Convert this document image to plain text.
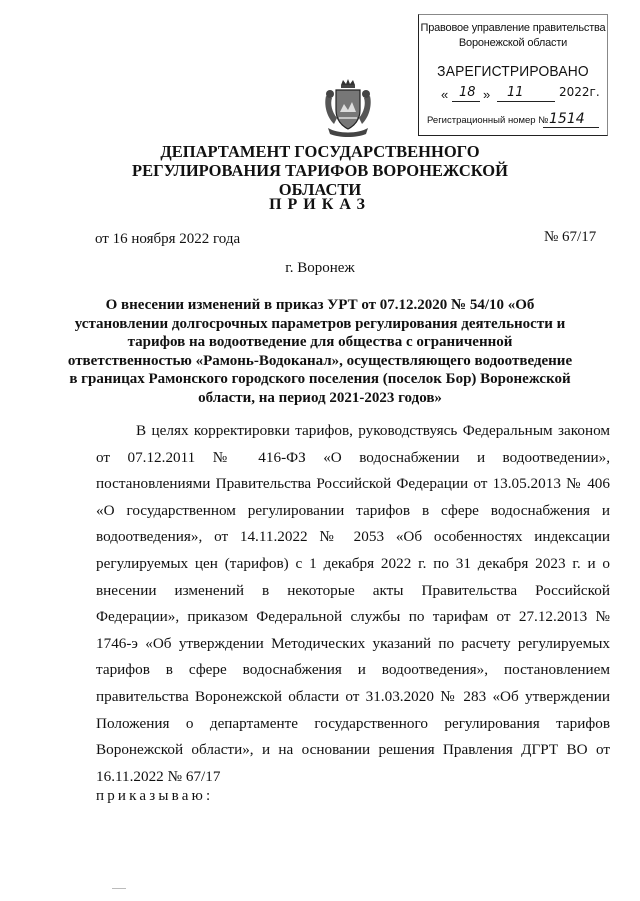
Правовое управление правительства
Воронежской области
ЗАРЕГИСТРИРОВАНО
« 18 » 11	2022г.
Регистрационный номер № 1514
ДЕПАРТАМЕНТ ГОСУДАРСТВЕННОГО РЕГУЛИРОВАНИЯ ТАРИФОВ ВОРОНЕЖСКОЙ ОБЛАСТИ
ПРИКАЗ
от 16 ноября 2022 года	№ 67/17
г. Воронеж
О внесении изменений в приказ УРТ от 07.12.2020 № 54/10 «Об установлении долгосрочных параметров регулирования деятельности и тарифов на водоотведение для общества с ограниченной ответственностью «Рамонь-Водоканал», осуществляющего водоотведение в границах Рамонского городского поселения (поселок Бор) Воронежской области, на период 2021-2023 годов»
В целях корректировки тарифов, руководствуясь Федеральным законом от 07.12.2011 № 416-ФЗ «О водоснабжении и водоотведении», постановлениями Правительства Российской Федерации от 13.05.2013 № 406 «О государственном регулировании тарифов в сфере водоснабжения и водоотведения», от 14.11.2022 № 2053 «Об особенностях индексации регулируемых цен (тарифов) с 1 декабря 2022 г. по 31 декабря 2023 г. и о внесении изменений в некоторые акты Правительства Российской Федерации», приказом Федеральной службы по тарифам от 27.12.2013 № 1746-э «Об утверждении Методических указаний по расчету регулируемых тарифов в сфере водоснабжения и водоотведения», постановлением правительства Воронежской области от 31.03.2020 № 283 «Об утверждении Положения о департаменте государственного регулирования тарифов Воронежской области», и на основании решения Правления ДГРТ ВО от 16.11.2022 № 67/17
приказываю:
